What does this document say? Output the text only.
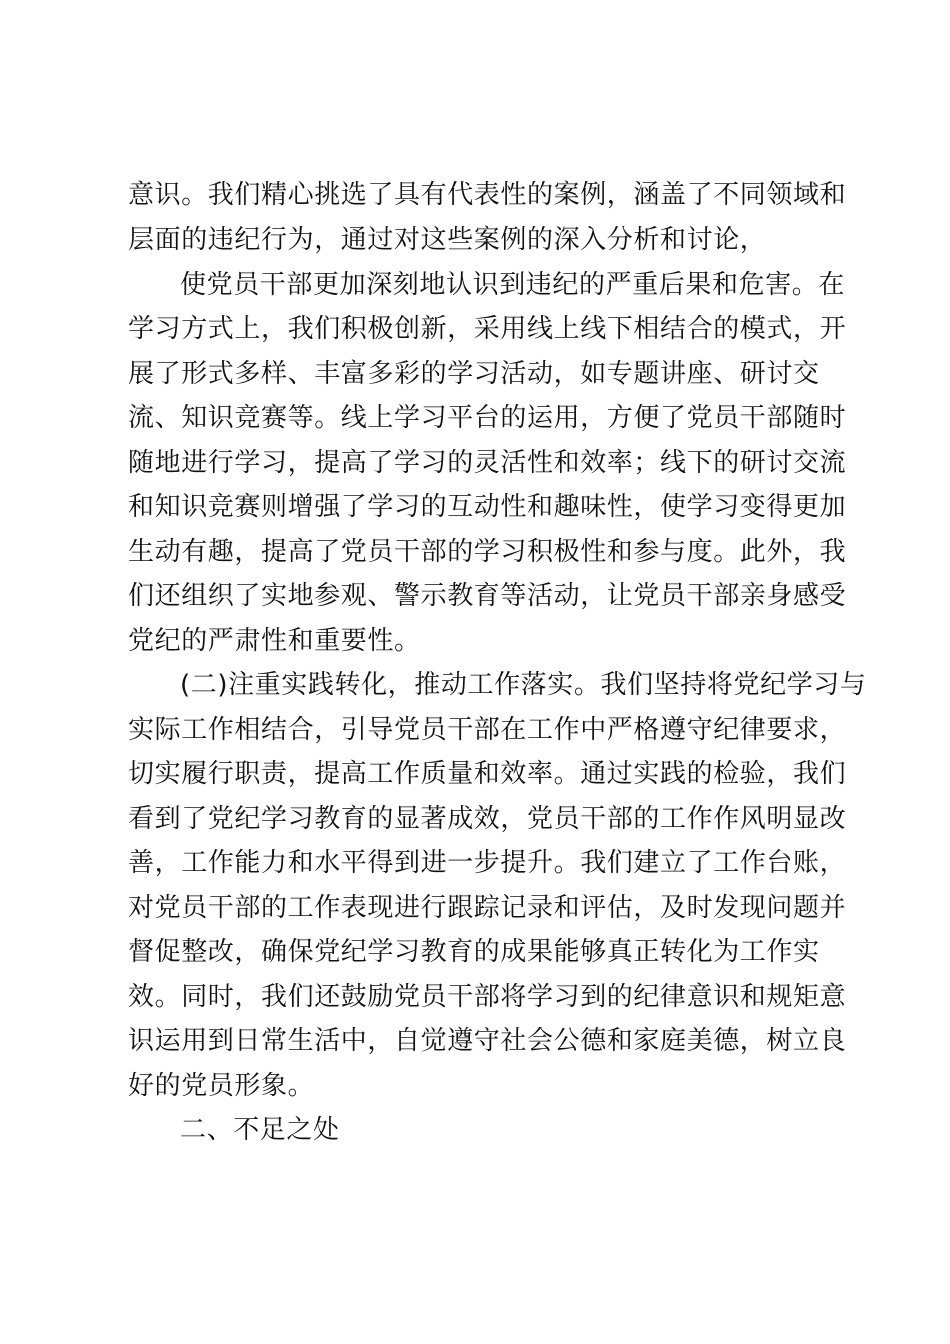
意识。我们精心挑选了具有代表性的案例，涵盖了不同领域和
层面的违纪行为，通过对这些案例的深入分析和讨论，
使党员干部更加深刻地认识到违纪的严重后果和危害。在
学习方式上，我们积极创新，采用线上线下相结合的模式，开
展了形式多样、丰富多彩的学习活动，如专题讲座、研讨交
流、知识竞赛等。线上学习平台的运用，方便了党员干部随时
随地进行学习，提高了学习的灵活性和效率；线下的研讨交流
和知识竞赛则增强了学习的互动性和趣味性，使学习变得更加
生动有趣，提高了党员干部的学习积极性和参与度。此外，我
们还组织了实地参观、警示教育等活动，让党员干部亲身感受
党纪的严肃性和重要性。
(二)注重实践转化，推动工作落实。我们坚持将党纪学习与
实际工作相结合，引导党员干部在工作中严格遵守纪律要求，
切实履行职责，提高工作质量和效率。通过实践的检验，我们
看到了党纪学习教育的显著成效，党员干部的工作作风明显改
善，工作能力和水平得到进一步提升。我们建立了工作台账，
对党员干部的工作表现进行跟踪记录和评估，及时发现问题并
督促整改，确保党纪学习教育的成果能够真正转化为工作实
效。同时，我们还鼓励党员干部将学习到的纪律意识和规矩意
识运用到日常生活中，自觉遵守社会公德和家庭美德，树立良
好的党员形象。
二、不足之处
